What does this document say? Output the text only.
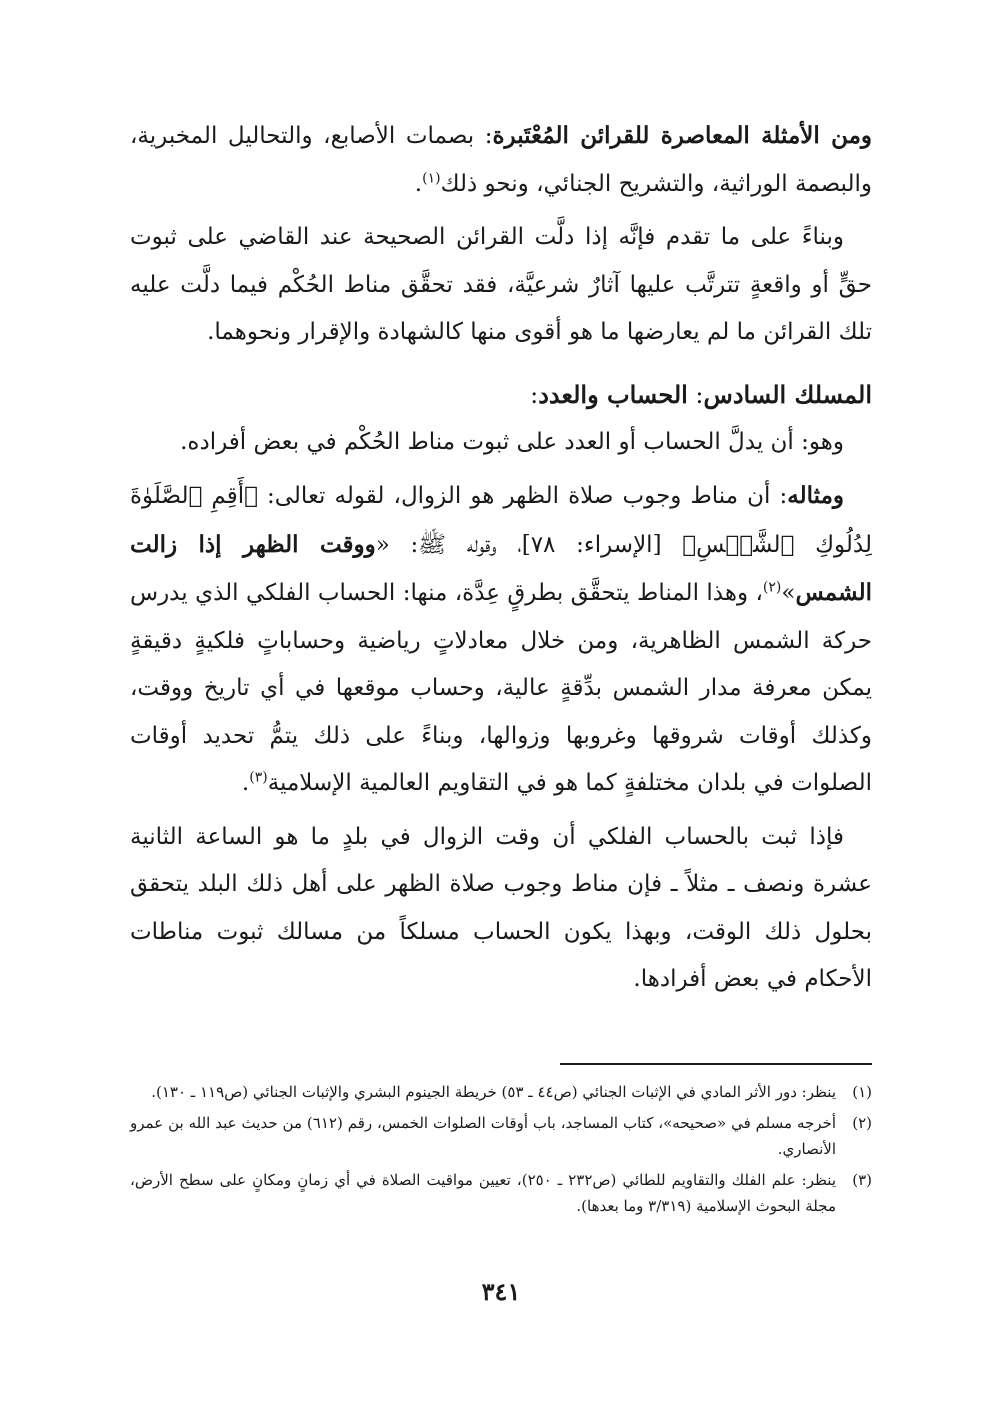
ومن الأمثلة المعاصرة للقرائن المُعْتَبرة: بصمات الأصابع، والتحاليل المخبرية، والبصمة الوراثية، والتشريح الجنائي، ونحو ذلك$^{(١)}$.

وبناءً على ما تقدم فإنَّه إذا دلَّت القرائن الصحيحة عند القاضي على ثبوت حقٍّ أو واقعةٍ تترتَّب عليها آثارٌ شرعيَّة، فقد تحقَّق مناط الحُكْم فيما دلَّت عليه تلك القرائن ما لم يعارضها ما هو أقوى منها كالشهادة والإقرار ونحوهما.

المسلك السادس: الحساب والعدد:

وهو: أن يدلَّ الحساب أو العدد على ثبوت مناط الحُكْم في بعض أفراده.

ومثاله: أن مناط وجوب صلاة الظهر هو الزوال، لقوله تعالى: ﴿أَقِمِ ٱلصَّلَوٰةَ لِدُلُوكِ ٱلشَّمۡسِ﴾ [الإسراء: ٧٨]، وقوله ﷺ: «ووقت الظهر إذا زالت الشمس»$^{(٢)}$، وهذا المناط يتحقَّق بطرقٍ عِدَّة، منها: الحساب الفلكي الذي يدرس حركة الشمس الظاهرية، ومن خلال معادلاتٍ رياضية وحساباتٍ فلكيةٍ دقيقةٍ يمكن معرفة مدار الشمس بدِّقةٍ عالية، وحساب موقعها في أي تاريخ ووقت، وكذلك أوقات شروقها وغروبها وزوالها، وبناءً على ذلك يتمُّ تحديد أوقات الصلوات في بلدان مختلفةٍ كما هو في التقاويم العالمية الإسلامية$^{(٣)}$.

فإذا ثبت بالحساب الفلكي أن وقت الزوال في بلدٍ ما هو الساعة الثانية عشرة ونصف ـ مثلاً ـ فإن مناط وجوب صلاة الظهر على أهل ذلك البلد يتحقق بحلول ذلك الوقت، وبهذا يكون الحساب مسلكاً من مسالك ثبوت مناطات الأحكام في بعض أفرادها.

(١)
ينظر: دور الأثر المادي في الإثبات الجنائي (ص٤٤ ـ ٥٣) خريطة الجينوم البشري والإثبات الجنائي (ص١١٩ ـ ١٣٠).
(٢)
أخرجه مسلم في «صحيحه»، كتاب المساجد، باب أوقات الصلوات الخمس، رقم (٦١٢) من حديث عبد الله بن عمرو الأنصاري.
(٣)
ينظر: علم الفلك والتقاويم للطائي (ص٢٣٢ ـ ٢٥٠)، تعيين مواقيت الصلاة في أي زمانٍ ومكانٍ على سطح الأرض، مجلة البحوث الإسلامية (٣/٣١٩ وما بعدها).
٣٤١
